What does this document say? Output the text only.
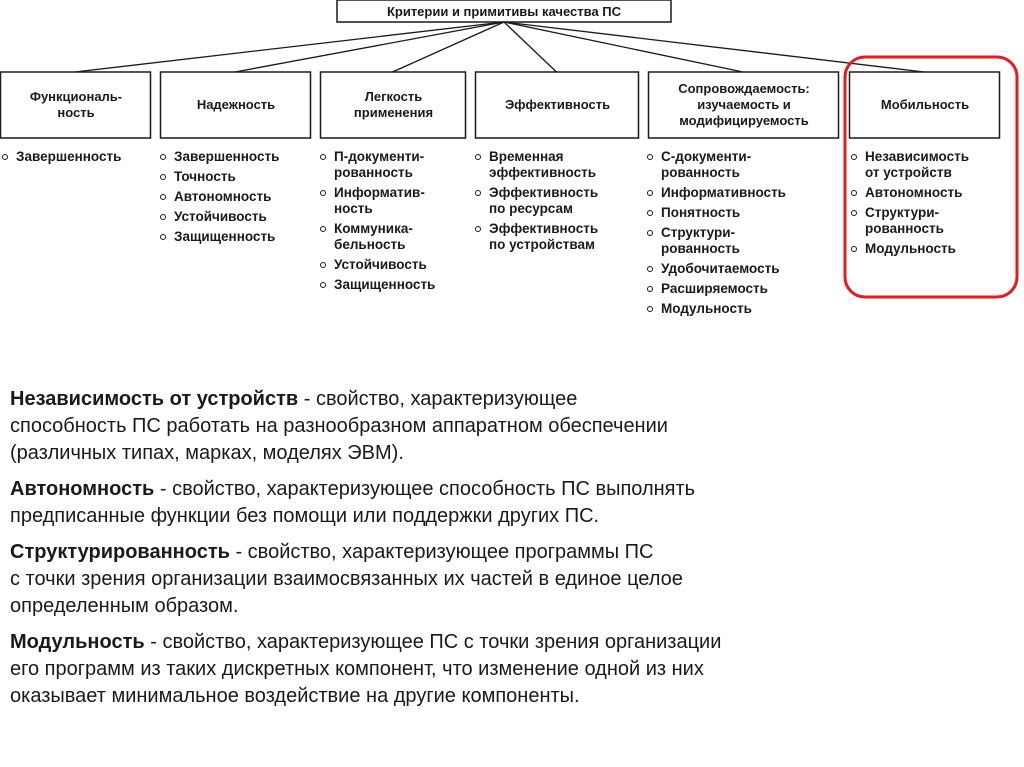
Критерии и примитивы качества ПС
Функциональ-
ность
Надежность
Легкость
применения
Эффективность
Сопровождаемость:
изучаемость и
модифицируемость
Мобильность
Завершенность	Завершенность
Точность
Автономность
Устойчивость
Защищенность
П-документи-
рованность
Информатив-
ность
Коммуника-
бельность
Устойчивость
Защищенность
Временная
эффективность
Эффективность
по ресурсам
Эффективность
по устройствам
С-документи-
рованность
Информативность
Понятность
Структури-
рованность
Удобочитаемость
Расширяемость
Модульность
Независимость
от устройств
Автономность
Структури-
рованность
Модульность

Независимость от устройств - свойство, характеризующее
способность ПС работать на разнообразном аппаратном обеспечении
(различных типах, марках, моделях ЭВМ).

Автономность - свойство, характеризующее способность ПС выполнять
предписанные функции без помощи или поддержки других ПС.

Структурированность - свойство, характеризующее программы ПС
с точки зрения организации взаимосвязанных их частей в единое целое
определенным образом.

Модульность - свойство, характеризующее ПС с точки зрения организации
его программ из таких дискретных компонент, что изменение одной из них
оказывает минимальное воздействие на другие компоненты.
